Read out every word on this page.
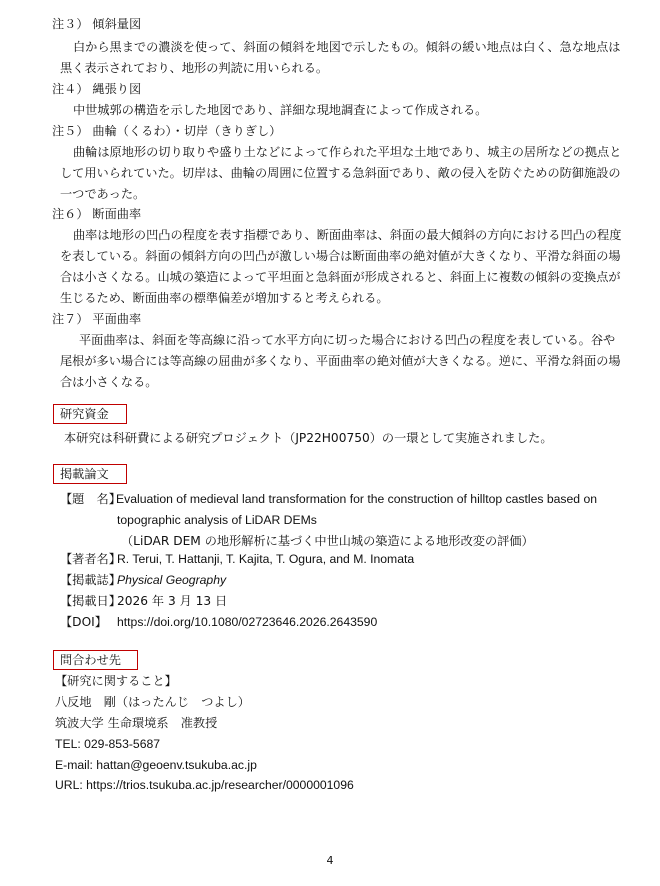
注３） 傾斜量図
白から黒までの濃淡を使って、斜面の傾斜を地図で示したもの。傾斜の緩い地点は白く、急な地点は
黒く表示されており、地形の判読に用いられる。
注４） 縄張り図
中世城郭の構造を示した地図であり、詳細な現地調査によって作成される。
注５） 曲輪（くるわ）・切岸（きりぎし）
曲輪は原地形の切り取りや盛り土などによって作られた平坦な土地であり、城主の居所などの拠点と
して用いられていた。切岸は、曲輪の周囲に位置する急斜面であり、敵の侵入を防ぐための防御施設の
一つであった。
注６） 断面曲率
曲率は地形の凹凸の程度を表す指標であり、断面曲率は、斜面の最大傾斜の方向における凹凸の程度
を表している。斜面の傾斜方向の凹凸が激しい場合は断面曲率の絶対値が大きくなり、平滑な斜面の場
合は小さくなる。山城の築造によって平坦面と急斜面が形成されると、斜面上に複数の傾斜の変換点が
生じるため、断面曲率の標準偏差が増加すると考えられる。
注７） 平面曲率
平面曲率は、斜面を等高線に沿って水平方向に切った場合における凹凸の程度を表している。谷や
尾根が多い場合には等高線の屈曲が多くなり、平面曲率の絶対値が大きくなる。逆に、平滑な斜面の場
合は小さくなる。
研究資金
本研究は科研費による研究プロジェクト（JP22H00750）の一環として実施されました。
掲載論文
【題　名】
Evaluation of medieval land transformation for the construction of hilltop castles based on
topographic analysis of LiDAR DEMs
（LiDAR DEM の地形解析に基づく中世山城の築造による地形改変の評価）
【著者名】
R. Terui, T. Hattanji, T. Kajita, T. Ogura, and M. Inomata
【掲載誌】
Physical Geography
【掲載日】
2026 年 3 月 13 日
【DOI】 https://doi.org/10.1080/02723646.2026.2643590
問合わせ先
【研究に関すること】
八反地　剛（はったんじ　つよし）
筑波大学 生命環境系　准教授
TEL: 029-853-5687
E-mail: hattan@geoenv.tsukuba.ac.jp
URL: https://trios.tsukuba.ac.jp/researcher/0000001096
4
